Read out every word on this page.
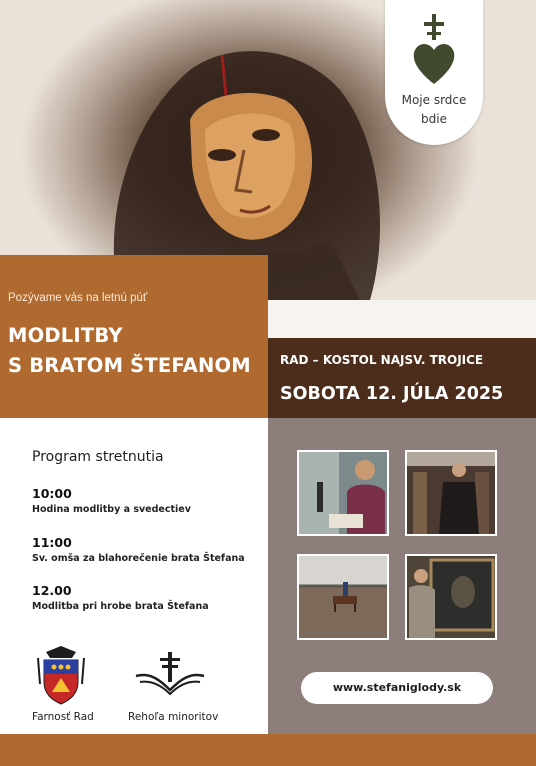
Moje srdce
bdie
Pozývame vás na letnú púť
MODLITBY
S BRATOM ŠTEFANOM RAD – KOSTOL NAJSV. TROJICE
SOBOTA 12. JÚLA 2025
Program stretnutia
10:00
Hodina modlitby a svedectiev
11:00
Sv. omša za blahorečenie brata Štefana
12.00
Modlitba pri hrobe brata Štefana
Farnosť Rad	Rehoľa minoritov
www.stefaniglody.sk
